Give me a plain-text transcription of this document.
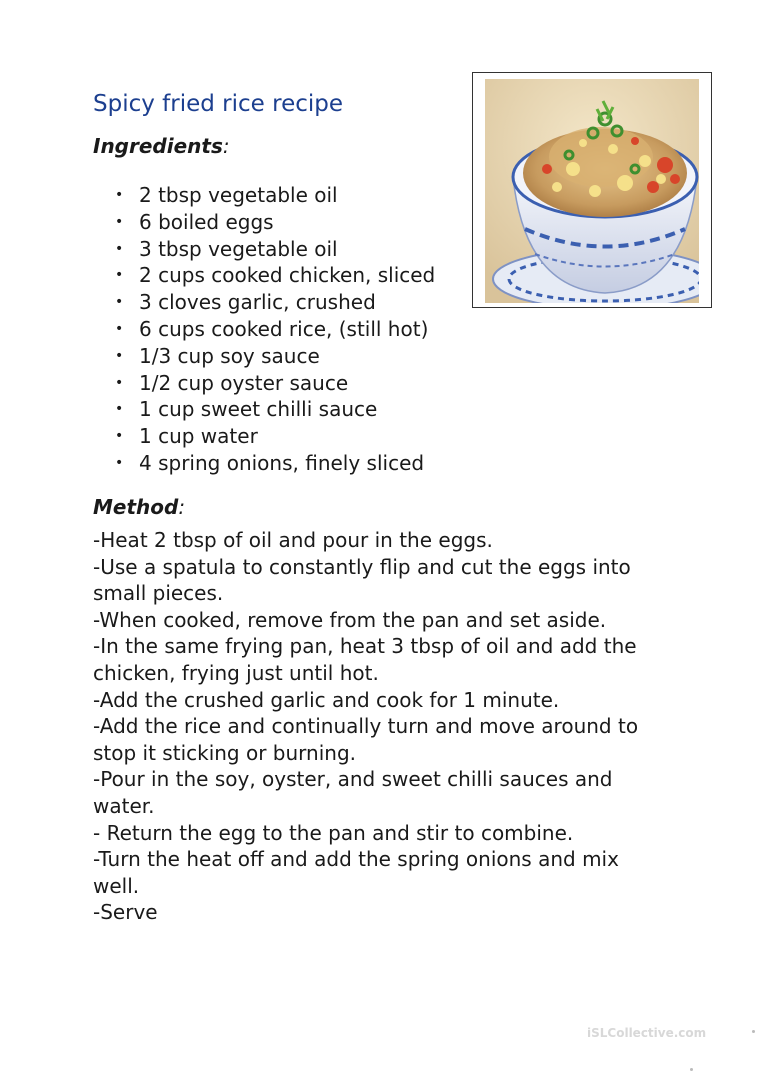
Spicy fried rice recipe
Ingredients:
• 2 tbsp vegetable oil
• 6 boiled eggs
• 3 tbsp vegetable oil
• 2 cups cooked chicken, sliced
• 3 cloves garlic, crushed
• 6 cups cooked rice, (still hot)
• 1/3 cup soy sauce
• 1/2 cup oyster sauce
• 1 cup sweet chilli sauce
• 1 cup water
• 4 spring onions, finely sliced
Method:
-Heat 2 tbsp of oil and pour in the eggs.
-Use a spatula to constantly flip and cut the eggs into
small pieces.
-When cooked, remove from the pan and set aside.
-In the same frying pan, heat 3 tbsp of oil and add the
chicken, frying just until hot.
-Add the crushed garlic and cook for 1 minute.
-Add the rice and continually turn and move around to
stop it sticking or burning.
-Pour in the soy, oyster, and sweet chilli sauces and
water.
- Return the egg to the pan and stir to combine.
-Turn the heat off and add the spring onions and mix
well.
-Serve
iSLCollective.com
